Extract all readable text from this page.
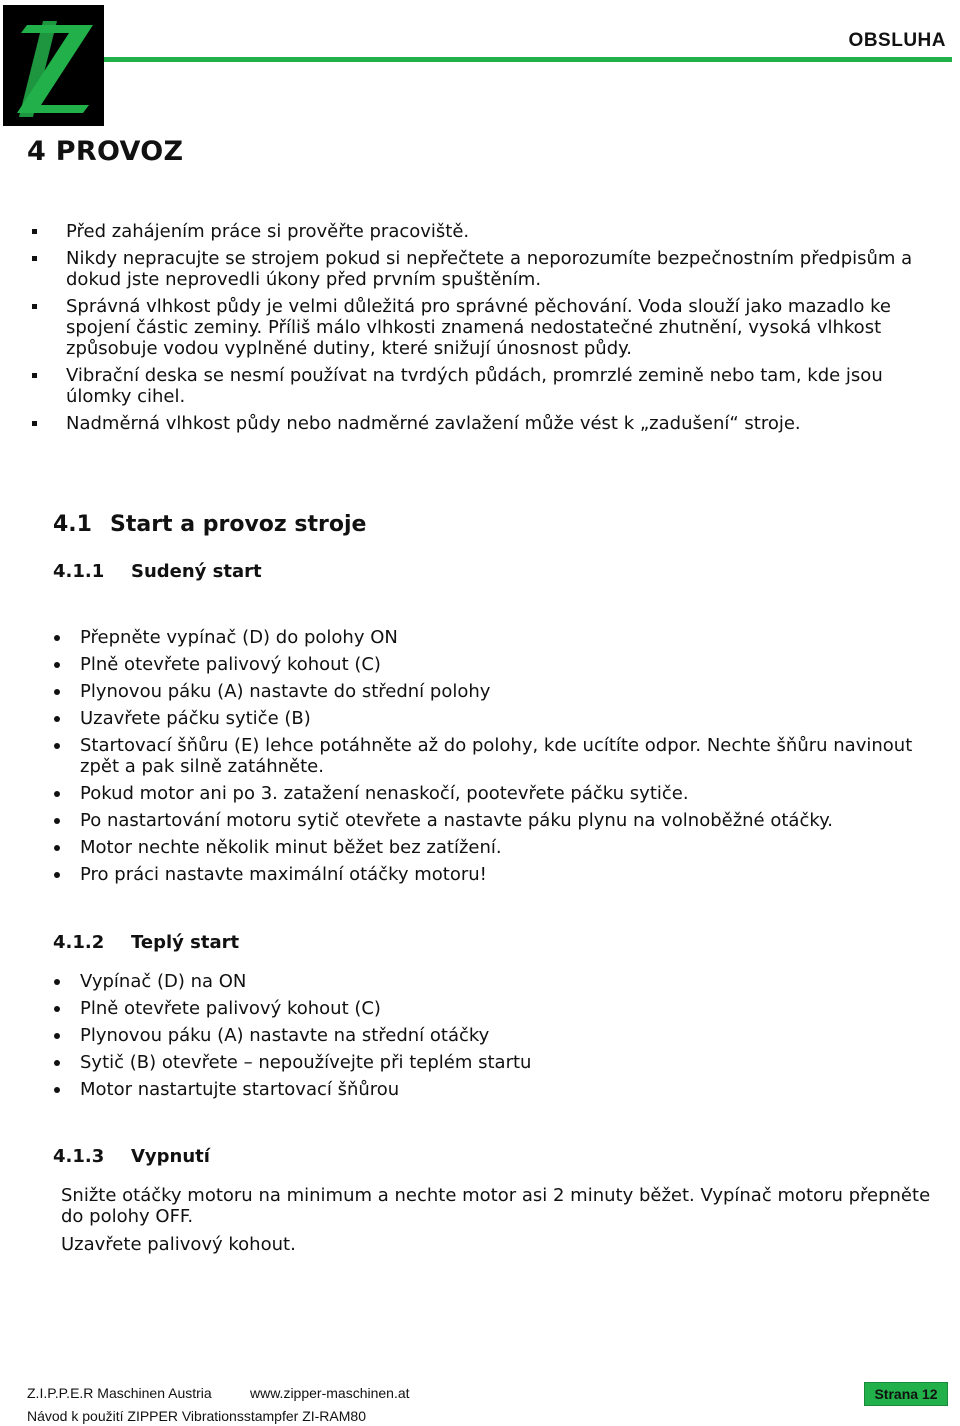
OBSLUHA
4 PROVOZ
Před zahájením práce si prověřte pracoviště.
Nikdy nepracujte se strojem pokud si nepřečtete a neporozumíte bezpečnostním předpisům a dokud jste neprovedli úkony před prvním spuštěním.
Správná vlhkost půdy je velmi důležitá pro správné pěchování. Voda slouží jako mazadlo ke spojení částic zeminy. Příliš málo vlhkosti znamená nedostatečné zhutnění, vysoká vlhkost způsobuje vodou vyplněné dutiny, které snižují únosnost půdy.
Vibrační deska se nesmí používat na tvrdých půdách, promrzlé zemině nebo tam, kde jsou úlomky cihel.
Nadměrná vlhkost půdy nebo nadměrné zavlažení může vést k „zadušení“ stroje.
4.1 Start a provoz stroje
4.1.1 Sudený start
Přepněte vypínač (D) do polohy ON
Plně otevřete palivový kohout (C)
Plynovou páku (A) nastavte do střední polohy
Uzavřete páčku sytiče (B)
Startovací šňůru (E) lehce potáhněte až do polohy, kde ucítíte odpor. Nechte šňůru navinout zpět a pak silně zatáhněte.
Pokud motor ani po 3. zatažení nenaskočí, pootevřete páčku sytiče.
Po nastartování motoru sytič otevřete a nastavte páku plynu na volnoběžné otáčky.
Motor nechte několik minut běžet bez zatížení.
Pro práci nastavte maximální otáčky motoru!
4.1.2 Teplý start
Vypínač (D) na ON
Plně otevřete palivový kohout (C)
Plynovou páku (A) nastavte na střední otáčky
Sytič (B) otevřete – nepoužívejte při teplém startu
Motor nastartujte startovací šňůrou
4.1.3 Vypnutí

Snižte otáčky motoru na minimum a nechte motor asi 2 minuty běžet. Vypínač motoru přepněte do polohy OFF.

Uzavřete palivový kohout.

Z.I.P.P.E.R Maschinen Austria	www.zipper-maschinen.at
Návod k použití ZIPPER Vibrationsstampfer ZI-RAM80
Strana 12
